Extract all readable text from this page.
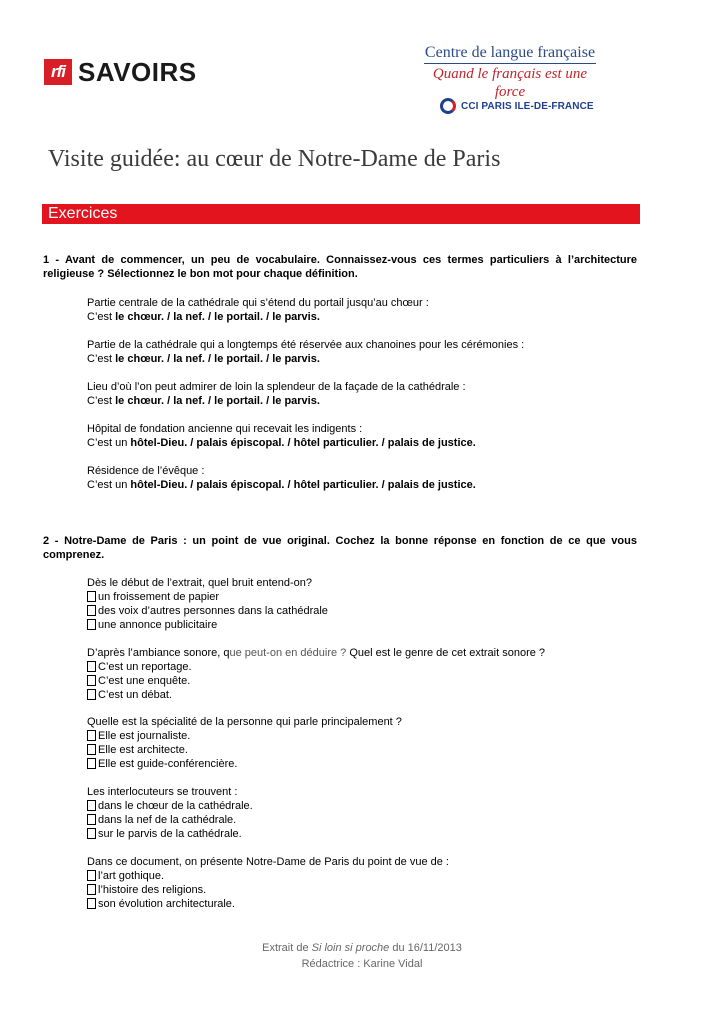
rfi SAVOIRS
Centre de langue française
Quand le français est une force
CCI PARIS ILE-DE-FRANCE
Visite guidée: au cœur de Notre-Dame de Paris
Exercices
1 - Avant de commencer, un peu de vocabulaire. Connaissez-vous ces termes particuliers à l’architecture religieuse ? Sélectionnez le bon mot pour chaque définition.
Partie centrale de la cathédrale qui s’étend du portail jusqu’au chœur :
C’est le chœur. / la nef. / le portail. / le parvis.
Partie de la cathédrale qui a longtemps été réservée aux chanoines pour les cérémonies :
C’est le chœur. / la nef. / le portail. / le parvis.
Lieu d’où l’on peut admirer de loin la splendeur de la façade de la cathédrale :
C’est le chœur. / la nef. / le portail. / le parvis.
Hôpital de fondation ancienne qui recevait les indigents :
C’est un hôtel-Dieu. / palais épiscopal. / hôtel particulier. / palais de justice.
Résidence de l’évêque :
C’est un hôtel-Dieu. / palais épiscopal. / hôtel particulier. / palais de justice.
2 - Notre-Dame de Paris : un point de vue original. Cochez la bonne réponse en fonction de ce que vous comprenez.
Dès le début de l’extrait, quel bruit entend-on?
un froissement de papier
des voix d’autres personnes dans la cathédrale
une annonce publicitaire
D’après l’ambiance sonore, que peut-on en déduire ? Quel est le genre de cet extrait sonore ?
C’est un reportage.
C’est une enquête.
C’est un débat.
Quelle est la spécialité de la personne qui parle principalement ?
Elle est journaliste.
Elle est architecte.
Elle est guide-conférencière.
Les interlocuteurs se trouvent :
dans le chœur de la cathédrale.
dans la nef de la cathédrale.
sur le parvis de la cathédrale.
Dans ce document, on présente Notre-Dame de Paris du point de vue de :
l’art gothique.
l’histoire des religions.
son évolution architecturale.
Extrait de Si loin si proche du 16/11/2013
Rédactrice : Karine Vidal
